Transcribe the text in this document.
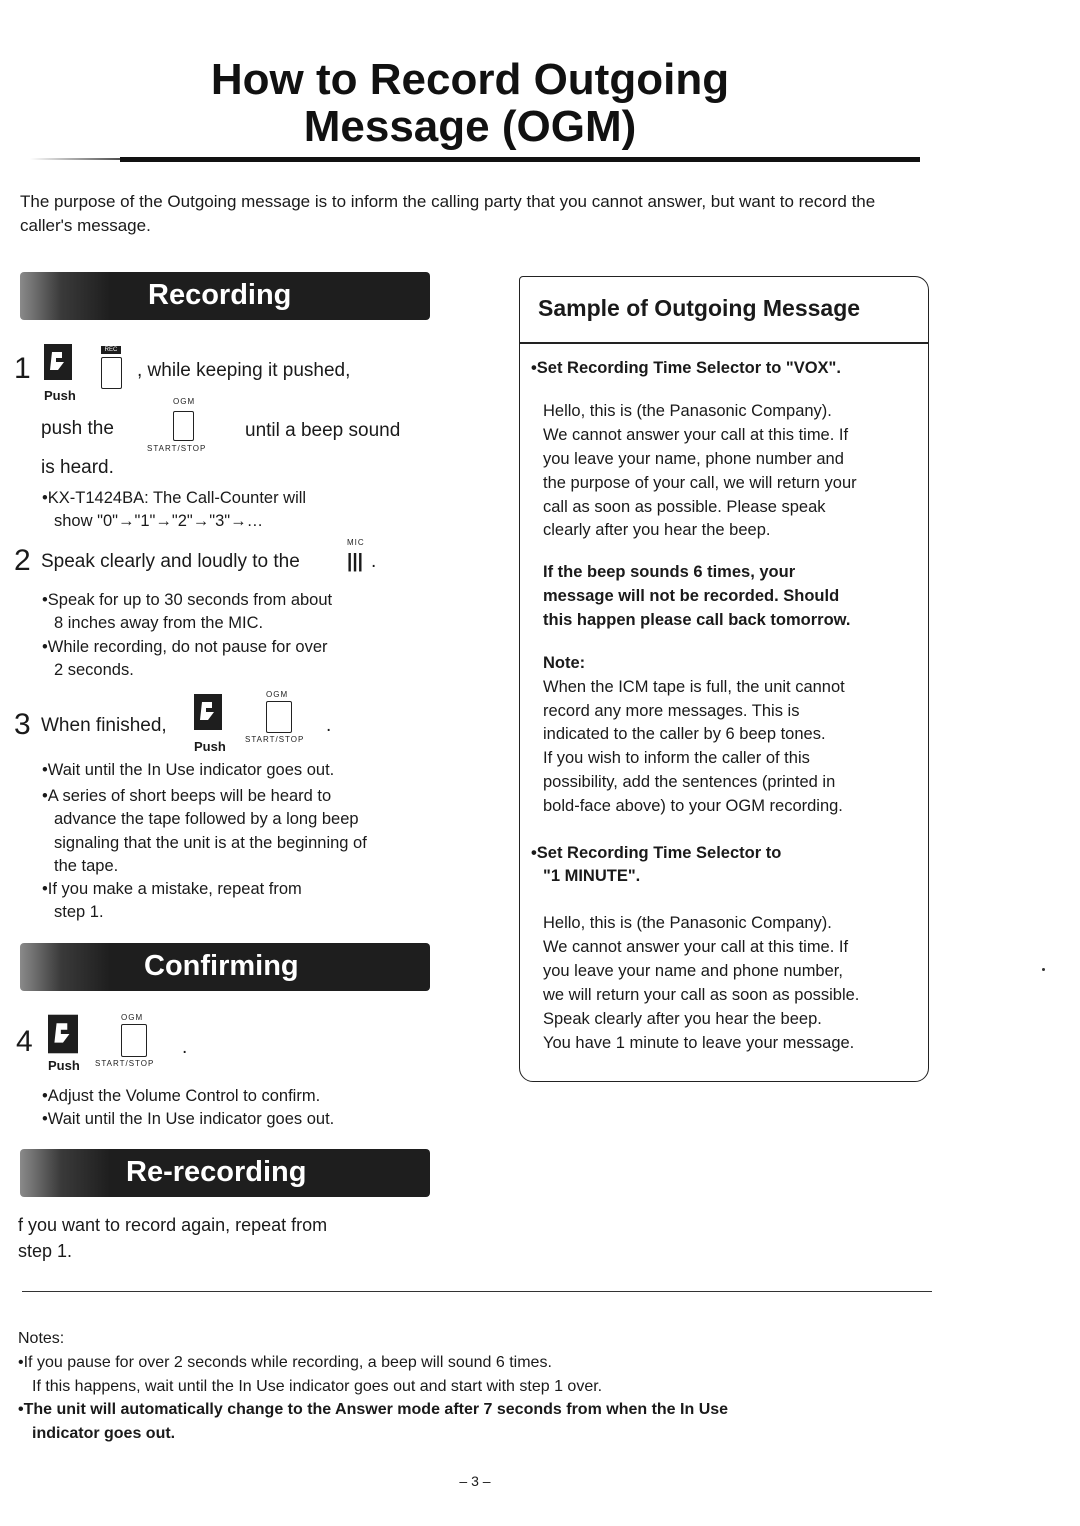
How to Record Outgoing
Message (OGM)
The purpose of the Outgoing message is to inform the calling party that you cannot answer, but want to record the caller's message.
Recording
1
Push
REC
, while keeping it pushed,
OGM
push the
START/STOP
until a beep sound
is heard.
•KX-T1424BA: The Call-Counter will
show "0"→"1"→"2"→"3"→…
2 Speak clearly and loudly to the
MIC
||| .
•Speak for up to 30 seconds from about
8 inches away from the MIC.
•While recording, do not pause for over
2 seconds.
3 When finished,
Push
OGM
START/STOP
.
•Wait until the In Use indicator goes out.
•A series of short beeps will be heard to
advance the tape followed by a long beep
signaling that the unit is at the beginning of
the tape.
•If you make a mistake, repeat from
step 1.
Confirming
4
Push
OGM
START/STOP
.
•Adjust the Volume Control to confirm.
•Wait until the In Use indicator goes out.
Re-recording
f you want to record again, repeat from
step 1.
Sample of Outgoing Message
•Set Recording Time Selector to "VOX".
Hello, this is (the Panasonic Company).
We cannot answer your call at this time. If
you leave your name, phone number and
the purpose of your call, we will return your
call as soon as possible. Please speak
clearly after you hear the beep.
If the beep sounds 6 times, your
message will not be recorded. Should
this happen please call back tomorrow.
Note:
When the ICM tape is full, the unit cannot
record any more messages. This is
indicated to the caller by 6 beep tones.
If you wish to inform the caller of this
possibility, add the sentences (printed in
bold-face above) to your OGM recording.
•Set Recording Time Selector to
"1 MINUTE".
Hello, this is (the Panasonic Company).
We cannot answer your call at this time. If
you leave your name and phone number,
we will return your call as soon as possible.
Speak clearly after you hear the beep.
You have 1 minute to leave your message.
Notes:
•If you pause for over 2 seconds while recording, a beep will sound 6 times.
If this happens, wait until the In Use indicator goes out and start with step 1 over.
•The unit will automatically change to the Answer mode after 7 seconds from when the In Use
indicator goes out.
– 3 –
